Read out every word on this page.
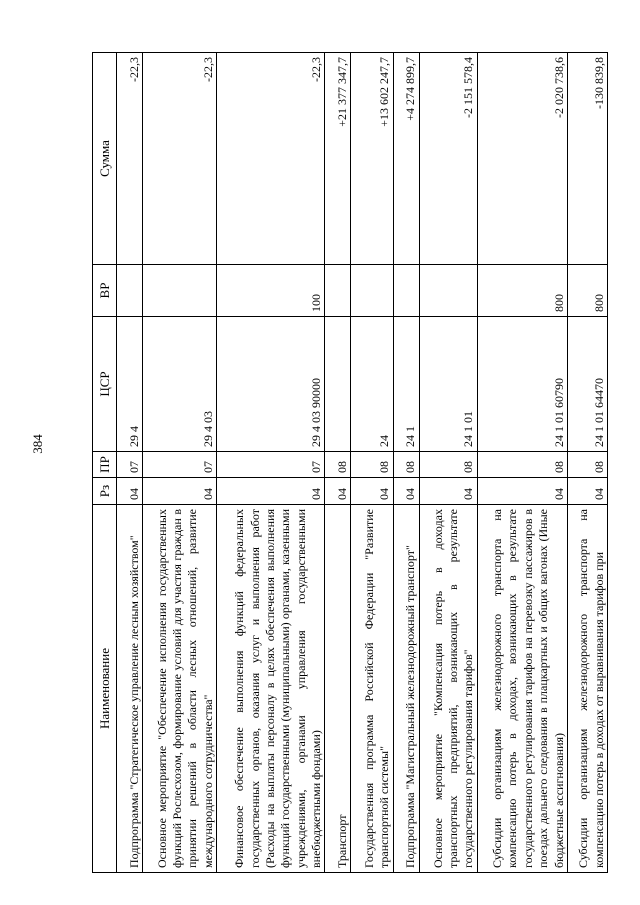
384
Наименование	Рз	ПР	ЦСР	ВР	Сумма
Подпрограмма "Стратегическое управление лесным хозяйством"	04	07	29 4		-22,3
Основное мероприятие "Обеспечение исполнения государственных функций Рослесхозом, формирование условий для участия граждан в принятии решений в области лесных отношений, развитие международного сотрудничества"	04	07	29 4 03		-22,3
Финансовое обеспечение выполнения функций федеральных государственных органов, оказания услуг и выполнения работ (Расходы на выплаты персоналу в целях обеспечения выполнения функций государственными (муниципальными) органами, казенными учреждениями, органами управления государственными внебюджетными фондами)	04	07	29 4 03 90000	100	-22,3
Транспорт	04	08			+21 377 347,7
Государственная программа Российской Федерации "Развитие транспортной системы"	04	08	24		+13 602 247,7
Подпрограмма "Магистральный железнодорожный транспорт"	04	08	24 1		+4 274 899,7
Основное мероприятие "Компенсация потерь в доходах транспортных предприятий, возникающих в результате государственного регулирования тарифов"	04	08	24 1 01		-2 151 578,4
Субсидии организациям железнодорожного транспорта на компенсацию потерь в доходах, возникающих в результате государственного регулирования тарифов на перевозку пассажиров в поездах дальнего следования в плацкартных и общих вагонах (Иные бюджетные ассигнования)	04	08	24 1 01 60790	800	-2 020 738,6
Субсидии организациям железнодорожного транспорта на компенсацию потерь в доходах от выравнивания тарифов при	04	08	24 1 01 64470	800	-130 839,8
